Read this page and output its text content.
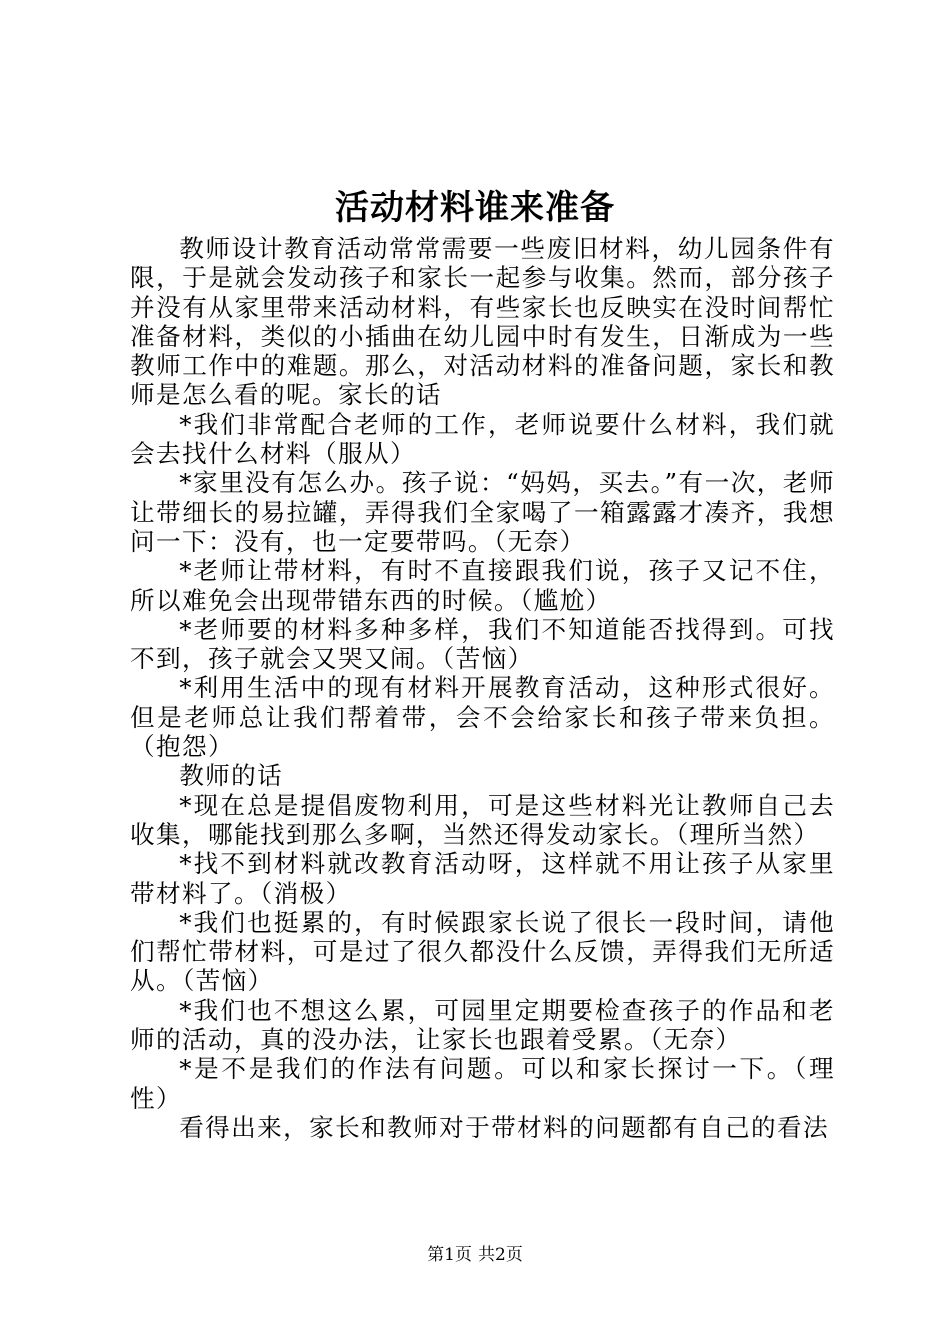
活动材料谁来准备

教师设计教育活动常常需要一些废旧材料，幼儿园条件有限，于是就会发动孩子和家长一起参与收集。然而，部分孩子并没有从家里带来活动材料，有些家长也反映实在没时间帮忙准备材料，类似的小插曲在幼儿园中时有发生，日渐成为一些教师工作中的难题。那么，对活动材料的准备问题，家长和教师是怎么看的呢。家长的话

*我们非常配合老师的工作，老师说要什么材料，我们就会去找什么材料（服从）

*家里没有怎么办。孩子说：“妈妈，买去。”有一次，老师让带细长的易拉罐，弄得我们全家喝了一箱露露才凑齐，我想问一下：没有，也一定要带吗。（无奈）

*老师让带材料，有时不直接跟我们说，孩子又记不住，所以难免会出现带错东西的时候。（尴尬）

*老师要的材料多种多样，我们不知道能否找得到。可找不到，孩子就会又哭又闹。（苦恼）

*利用生活中的现有材料开展教育活动，这种形式很好。但是老师总让我们帮着带，会不会给家长和孩子带来负担。（抱怨）

教师的话

*现在总是提倡废物利用，可是这些材料光让教师自己去收集，哪能找到那么多啊，当然还得发动家长。（理所当然）

*找不到材料就改教育活动呀，这样就不用让孩子从家里带材料了。（消极）

*我们也挺累的，有时候跟家长说了很长一段时间，请他们帮忙带材料，可是过了很久都没什么反馈，弄得我们无所适从。（苦恼）

*我们也不想这么累，可园里定期要检查孩子的作品和老师的活动，真的没办法，让家长也跟着受累。（无奈）

*是不是我们的作法有问题。可以和家长探讨一下。（理性）

看得出来，家长和教师对于带材料的问题都有自己的看法

第1页 共2页
